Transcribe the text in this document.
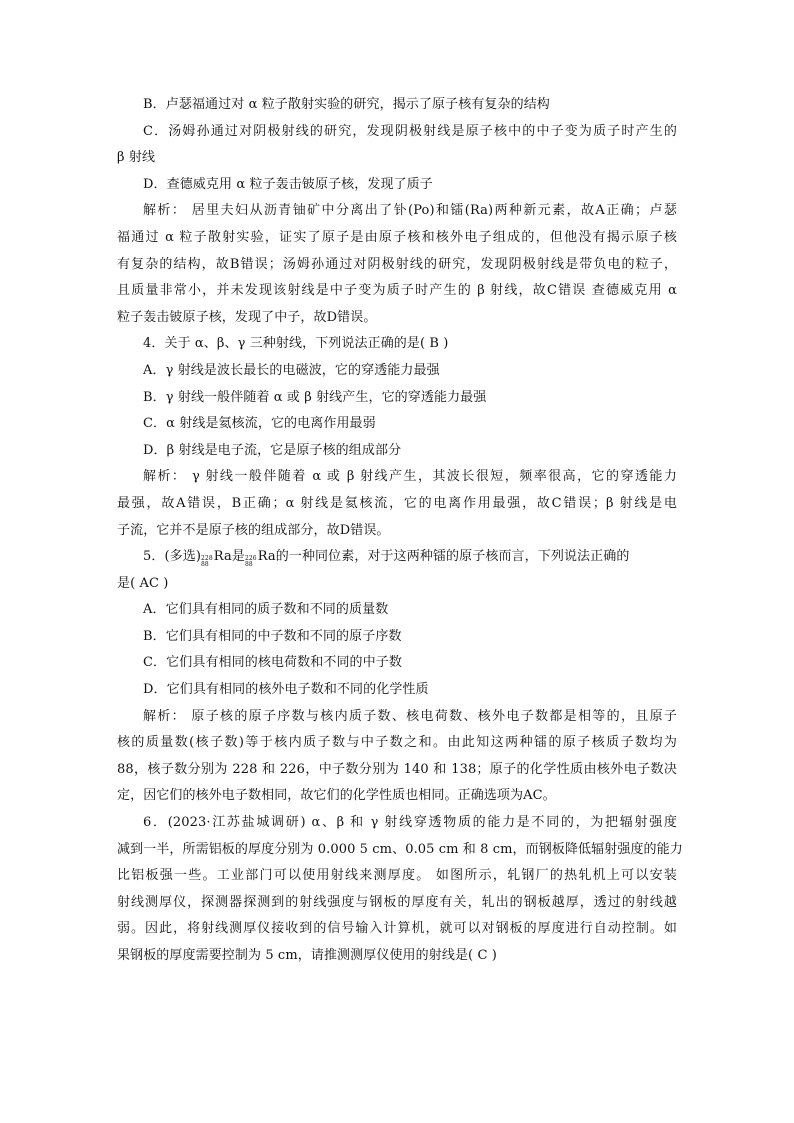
B．卢瑟福通过对 α 粒子散射实验的研究，揭示了原子核有复杂的结构
C．汤姆孙通过对阴极射线的研究，发现阴极射线是原子核中的中子变为质子时产生的
β 射线
D．查德威克用 α 粒子轰击铍原子核，发现了质子
解析： 居里夫妇从沥青铀矿中分离出了钋(Po)和镭(Ra)两种新元素，故A正确；卢瑟
福通过 α 粒子散射实验，证实了原子是由原子核和核外电子组成的，但他没有揭示原子核
有复杂的结构，故B错误；汤姆孙通过对阴极射线的研究，发现阴极射线是带负电的粒子，
且质量非常小，并未发现该射线是中子变为质子时产生的 β 射线，故C错误 查德威克用 α
粒子轰击铍原子核，发现了中子，故D错误。
4．关于 α、β、γ 三种射线，下列说法正确的是( B )
A．γ 射线是波长最长的电磁波，它的穿透能力最强
B．γ 射线一般伴随着 α 或 β 射线产生，它的穿透能力最强
C．α 射线是氦核流，它的电离作用最弱
D．β 射线是电子流，它是原子核的组成部分
解析： γ 射线一般伴随着 α 或 β 射线产生，其波长很短，频率很高，它的穿透能力
最强，故A错误，B正确；α 射线是氦核流，它的电离作用最强，故C错误；β 射线是电
子流，它并不是原子核的组成部分，故D错误。
5．(多选) 228
88
Ra 是 226
88
Ra 的一种同位素，对于这两种镭的原子核而言，下列说法正确的
是( AC )
A．它们具有相同的质子数和不同的质量数
B．它们具有相同的中子数和不同的原子序数
C．它们具有相同的核电荷数和不同的中子数
D．它们具有相同的核外电子数和不同的化学性质
解析： 原子核的原子序数与核内质子数、核电荷数、核外电子数都是相等的，且原子
核的质量数(核子数)等于核内质子数与中子数之和。由此知这两种镭的原子核质子数均为
88，核子数分别为 228 和 226，中子数分别为 140 和 138；原子的化学性质由核外电子数决
定，因它们的核外电子数相同，故它们的化学性质也相同。正确选项为AC。
6．(2023·江苏盐城调研) α、β 和 γ 射线穿透物质的能力是不同的，为把辐射强度
减到一半，所需铝板的厚度分别为 0.000 5 cm、0.05 cm 和 8 cm，而钢板降低辐射强度的能力
比铝板强一些。工业部门可以使用射线来测厚度。 如图所示，轧钢厂的热轧机上可以安装
射线测厚仪，探测器探测到的射线强度与钢板的厚度有关，轧出的钢板越厚，透过的射线越
弱。因此，将射线测厚仪接收到的信号输入计算机，就可以对钢板的厚度进行自动控制。如
果钢板的厚度需要控制为 5 cm，请推测测厚仪使用的射线是( C )
